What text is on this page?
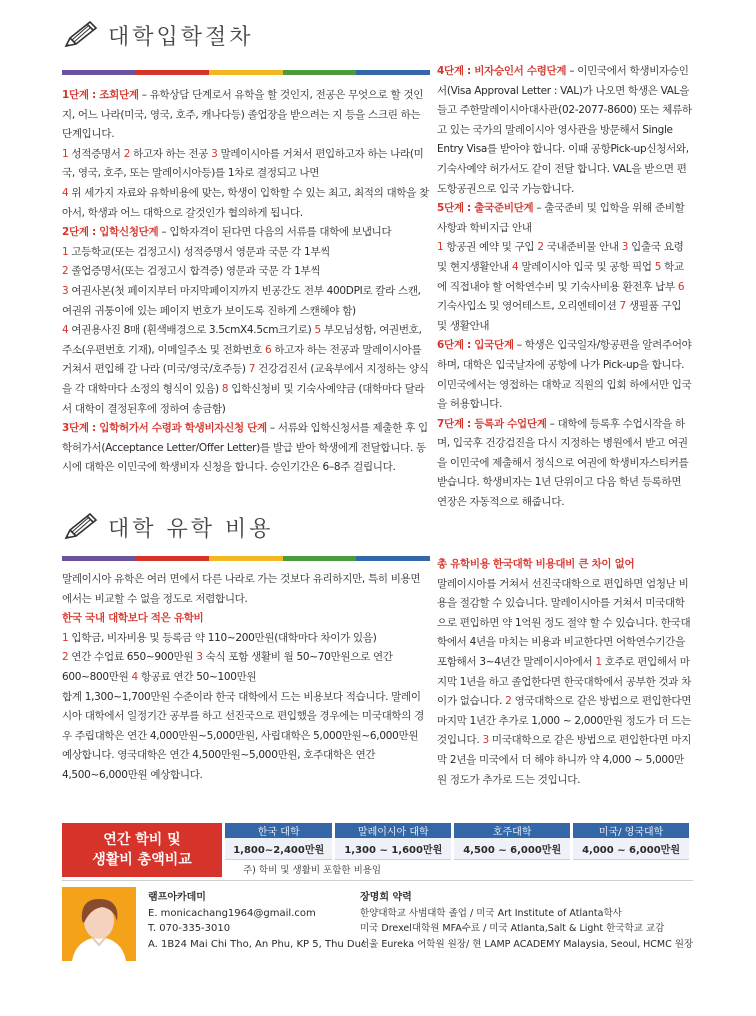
대학입학절차

1단계 : 조회단계 – 유학상담 단계로서 유학을 할 것인지, 전공은 무엇으로 할 것인지, 어느 나라(미국, 영국, 호주, 캐나다등) 졸업장을 받으려는 지 등을 스크린 하는 단계입니다.

1 성적증명서 2 하고자 하는 전공 3 말레이시아를 거쳐서 편입하고자 하는 나라(미국, 영국, 호주, 또는 말레이시아등)를 1차로 결정되고 나면

4 위 세가지 자료와 유학비용에 맞는, 학생이 입학할 수 있는 최고, 최적의 대학을 찾아서, 학생과 어느 대학으로 갈것인가 협의하게 됩니다.

2단계 : 입학신청단계 – 입학자격이 된다면 다음의 서류를 대학에 보냅니다

1 고등학교(또는 검정고시) 성적증명서 영문과 국문 각 1부씩

2 졸업증명서(또는 검정고시 합격증) 영문과 국문 각 1부씩

3 여권사본(첫 페이지부터 마지막페이지까지 빈공간도 전부 400DPI로 칼라 스캔, 여권위 귀퉁이에 있는 페이지 번호가 보이도록 진하게 스캔해야 함)

4 여권용사진 8매 (흰색배경으로 3.5cmX4.5cm크기로) 5 부모님성함, 여권번호, 주소(우편번호 기재), 이메일주소 및 전화번호 6 하고자 하는 전공과 말레이시아를 거쳐서 편입해 갈 나라 (미국/영국/호주등) 7 건강검진서 (교육부에서 지정하는 양식을 각 대학마다 소정의 형식이 있음) 8 입학신청비 및 기숙사예약금 (대학마다 달라서 대학이 결정된후에 정하여 송금함)

3단계 : 입학허가서 수령과 학생비자신청 단계 – 서류와 입학신청서를 제출한 후 입학허가서(Acceptance Letter/Offer Letter)를 발급 받아 학생에게 전달합니다. 동시에 대학은 이민국에 학생비자 신청을 합니다. 승인기간은 6–8주 걸립니다.

4단계 : 비자승인서 수령단계 – 이민국에서 학생비자승인서(Visa Approval Letter : VAL)가 나오면 학생은 VAL을 들고 주한말레이시아대사관(02-2077-8600) 또는 체류하고 있는 국가의 말레이시아 영사관을 방문해서 Single Entry Visa를 받아야 합니다. 이때 공항Pick-up신청서와, 기숙사예약 허가서도 같이 전달 합니다. VAL을 받으면 편도항공권으로 입국 가능합니다.

5단계 : 출국준비단계 – 출국준비 및 입학을 위해 준비할 사항과 학비지급 안내

1 항공권 예약 및 구입 2 국내준비물 안내 3 입출국 요령 및 현지생활안내 4 말레이시아 입국 및 공항 픽업 5 학교에 직접내야 할 어학연수비 및 기숙사비용 환전후 납부 6 기숙사입소 및 영어테스트, 오리엔테이션 7 생필품 구입 및 생활안내

6단계 : 입국단계 – 학생은 입국일자/항공편을 알려주어야 하며, 대학은 입국날자에 공항에 나가 Pick-up을 합니다. 이민국에서는 영접하는 대학교 직원의 입회 하에서만 입국을 허용합니다.

7단계 : 등록과 수업단계 – 대학에 등록후 수업시작을 하며, 입국후 건강검진을 다시 지정하는 병원에서 받고 여권을 이민국에 제출해서 정식으로 여권에 학생비자스티커를 받습니다. 학생비자는 1년 단위이고 다음 학년 등록하면 연장은 자동적으로 해줍니다.

대학 유학 비용

말레이시아 유학은 여러 면에서 다른 나라로 가는 것보다 유리하지만, 특히 비용면에서는 비교할 수 없을 정도로 저렴합니다.

한국 국내 대학보다 적은 유학비

1 입학금, 비자비용 및 등록금 약 110~200만원(대학마다 차이가 있음)

2 연간 수업료 650~900만원 3 숙식 포함 생활비 월 50~70만원으로 연간 600~800만원 4 항공료 연간 50~100만원

합계 1,300~1,700만원 수준이라 한국 대학에서 드는 비용보다 적습니다. 말레이시아 대학에서 일정기간 공부를 하고 선진국으로 편입했을 경우에는 미국대학의 경우 주립대학은 연간 4,000만원~5,000만원, 사립대학은 5,000만원~6,000만원 예상합니다. 영국대학은 연간 4,500만원~5,000만원, 호주대학은 연간 4,500~6,000만원 예상합니다.

총 유학비용 한국대학 비용대비 큰 차이 없어

말레이시아를 거쳐서 선진국대학으로 편입하면 엄청난 비용을 절감할 수 있습니다. 말레이시아를 거쳐서 미국대학으로 편입하면 약 1억원 정도 절약 할 수 있습니다. 한국대학에서 4년을 마치는 비용과 비교한다면 어학연수기간을 포함해서 3~4년간 말레이시아에서 1 호주로 편입해서 마지막 1년을 하고 졸업한다면 한국대학에서 공부한 것과 차이가 없습니다. 2 영국대학으로 같은 방법으로 편입한다면 마지막 1년간 추가로 1,000 ~ 2,000만원 정도가 더 드는 것입니다. 3 미국대학으로 같은 방법으로 편입한다면 마지막 2년을 미국에서 더 해야 하니까 약 4,000 ~ 5,000만원 정도가 추가로 드는 것입니다.

연간 학비 및
생활비 총액비교
한국 대학	말레이시아 대학	호주대학	미국/ 영국대학
1,800~2,400만원	1,300 ~ 1,600만원	4,500 ~ 6,000만원	4,000 ~ 6,000만원
주) 학비 및 생활비 포함한 비용임
램프아카데미
E. monicachang1964@gmail.com
T. 070-335-3010
A. 1B24 Mai Chi Tho, An Phu, KP 5, Thu Duc
장명희 약력
한양대학교 사범대학 졸업 / 미국 Art Institute of Atlanta학사
미국 Drexel대학원 MFA수료 / 미국 Atlanta,Salt & Light 한국학교 교감
서울 Eureka 어학원 원장/ 현 LAMP ACADEMY Malaysia, Seoul, HCMC 원장
